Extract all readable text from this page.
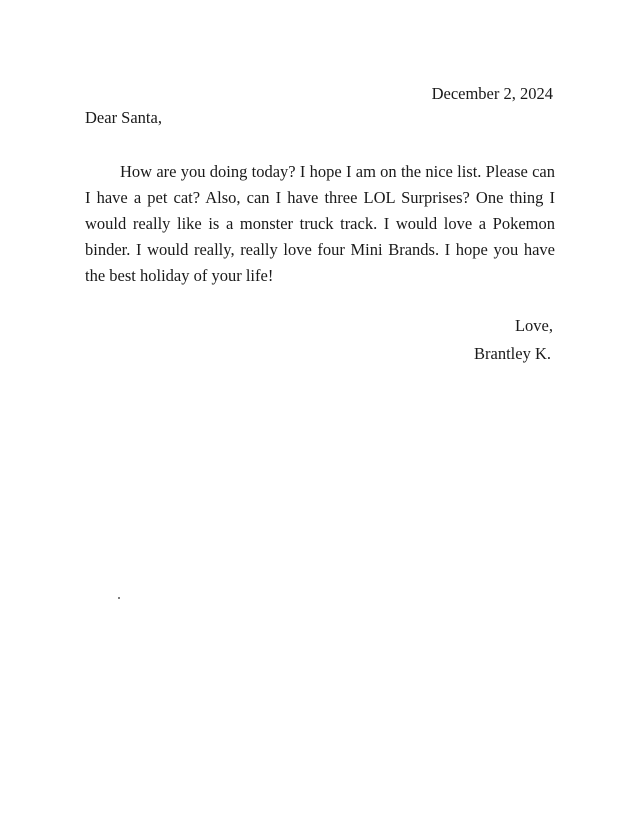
December 2, 2024
Dear Santa,

How are you doing today? I hope I am on the nice list. Please can I have a pet cat? Also, can I have three LOL Surprises? One thing I would really like is a monster truck track. I would love a Pokemon binder. I would really, really love four Mini Brands. I hope you have the best holiday of your life!

Love,
Brantley K.
